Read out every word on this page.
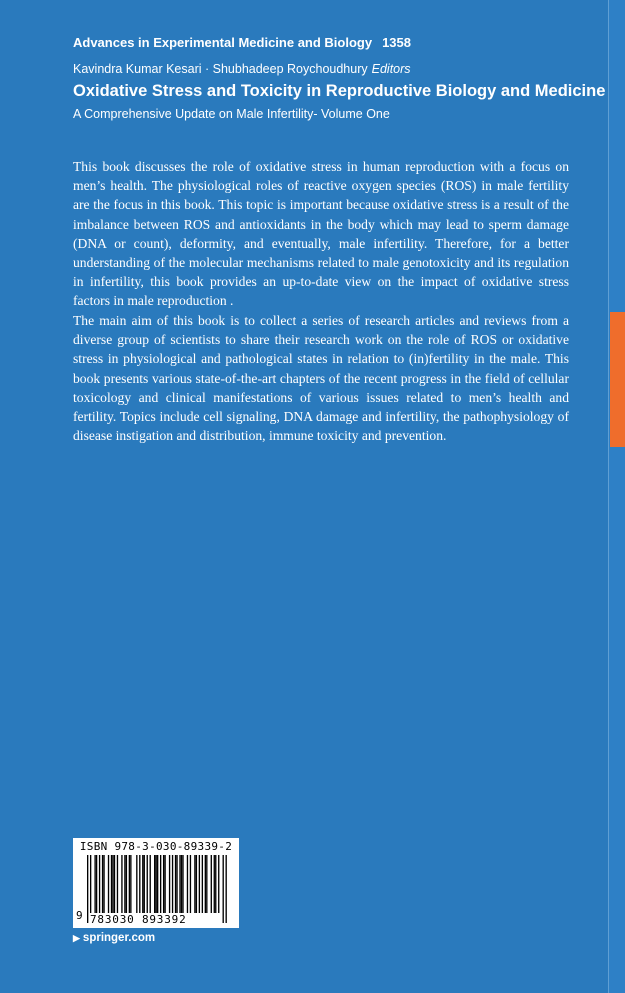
Advances in Experimental Medicine and Biology 1358
Kavindra Kumar Kesari · Shubhadeep Roychoudhury Editors
Oxidative Stress and Toxicity in Reproductive Biology and Medicine
A Comprehensive Update on Male Infertility- Volume One

This book discusses the role of oxidative stress in human reproduction with a focus on men’s health. The physiological roles of reactive oxygen species (ROS) in male fertility are the focus in this book. This topic is important because oxidative stress is a result of the imbalance between ROS and antioxidants in the body which may lead to sperm damage (DNA or count), deformity, and eventually, male infertility. Therefore, for a better understanding of the molecular mechanisms related to male genotoxicity and its regulation in infertility, this book provides an up-to-date view on the impact of oxidative stress factors in male reproduction .

The main aim of this book is to collect a series of research articles and reviews from a diverse group of scientists to share their research work on the role of ROS or oxidative stress in physiological and pathological states in relation to (in)fertility in the male. This book presents various state-of-the-art chapters of the recent progress in the field of cellular toxicology and clinical manifestations of various issues related to men’s health and fertility. Topics include cell signaling, DNA damage and infertility, the pathophysiology of disease instigation and distribution, immune toxicity and prevention.

ISBN 978-3-030-89339-2
9 783030 893392
▶ springer.com
